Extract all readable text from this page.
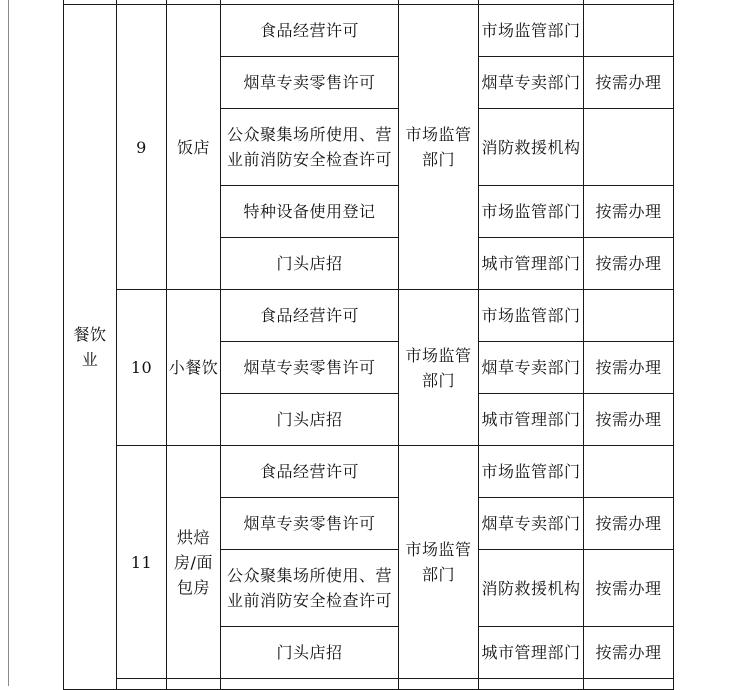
餐饮业	9	饭店	食品经营许可	市场监管部门	市场监管部门	
			烟草专卖零售许可		烟草专卖部门	按需办理
			公众聚集场所使用、营业前消防安全检查许可		消防救援机构	
			特种设备使用登记		市场监管部门	按需办理
			门头店招		城市管理部门	按需办理
	10	小餐饮	食品经营许可	市场监管部门	市场监管部门	
			烟草专卖零售许可		烟草专卖部门	按需办理
			门头店招		城市管理部门	按需办理
	11	烘焙房/面包房	食品经营许可	市场监管部门	市场监管部门	
			烟草专卖零售许可		烟草专卖部门	按需办理
			公众聚集场所使用、营业前消防安全检查许可		消防救援机构	按需办理
			门头店招		城市管理部门	按需办理
